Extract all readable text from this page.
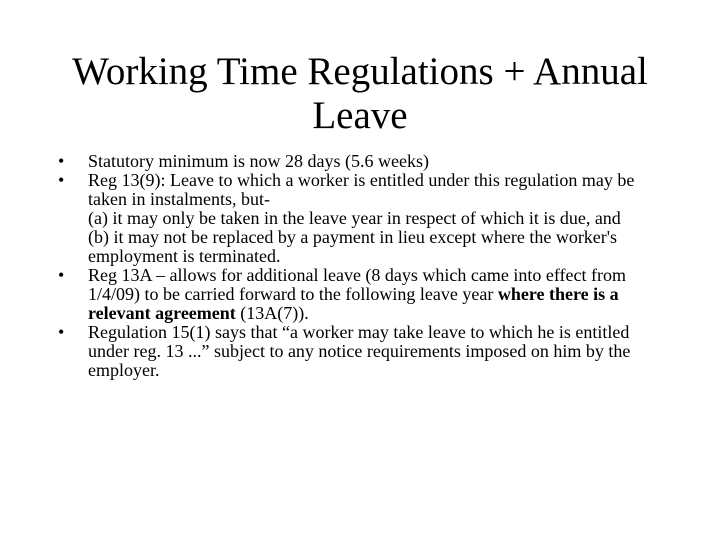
Working Time Regulations + Annual
Leave

• Statutory minimum is now 28 days (5.6 weeks)

• Reg 13(9): Leave to which a worker is entitled under this regulation may be taken in instalments, but-

(a) it may only be taken in the leave year in respect of which it is due, and

(b) it may not be replaced by a payment in lieu except where the worker's employment is terminated.

• Reg 13A – allows for additional leave (8 days which came into effect from 1/4/09) to be carried forward to the following leave year where there is a relevant agreement (13A(7)).

• Regulation 15(1) says that “a worker may take leave to which he is entitled under reg. 13 ...” subject to any notice requirements imposed on him by the employer.
